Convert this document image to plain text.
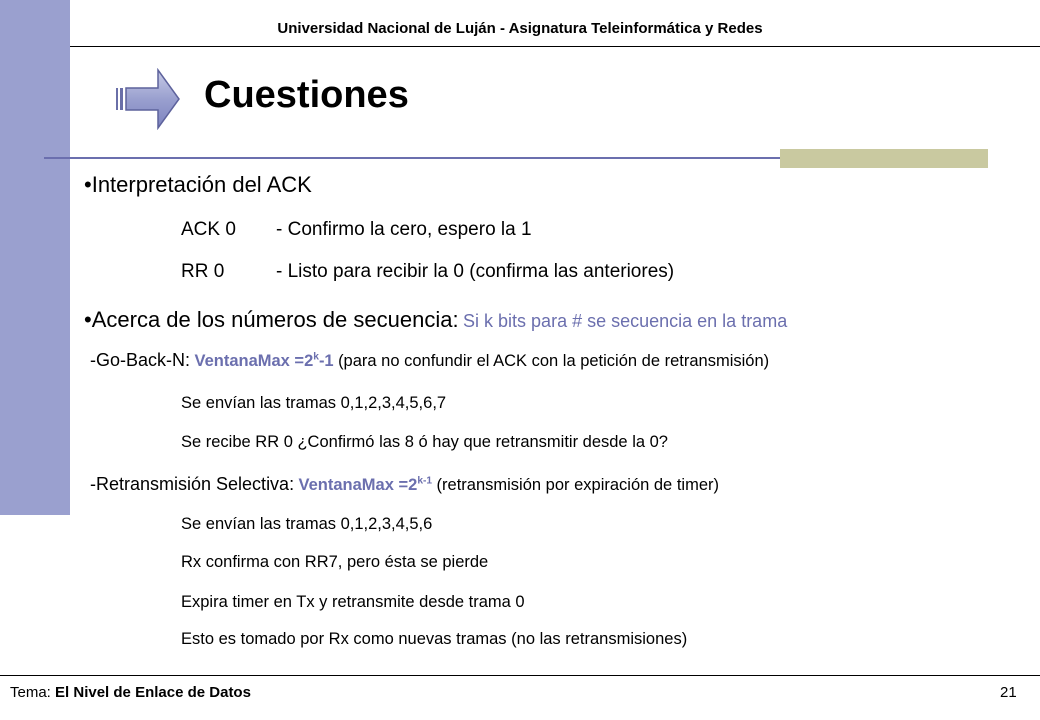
Universidad Nacional de Luján - Asignatura Teleinformática y Redes
Cuestiones
•Interpretación del ACK
ACK 0 - Confirmo la cero, espero la 1
RR 0	- Listo para recibir la 0 (confirma las anteriores)
•Acerca de los números de secuencia: Si k bits para # se secuencia en la trama
-Go-Back-N: VentanaMax $=2^k-1$ (para no confundir el ACK con la petición de retransmisión)
Se envían las tramas 0,1,2,3,4,5,6,7
Se recibe RR 0 ¿Confirmó las 8 ó hay que retransmitir desde la 0?
-Retransmisión Selectiva: VentanaMax $=2^{k-1}$ (retransmisión por expiración de timer)
Se envían las tramas 0,1,2,3,4,5,6
Rx confirma con RR7, pero ésta se pierde
Expira timer en Tx y retransmite desde trama 0
Esto es tomado por Rx como nuevas tramas (no las retransmisiones)
Tema: El Nivel de Enlace de Datos	21
